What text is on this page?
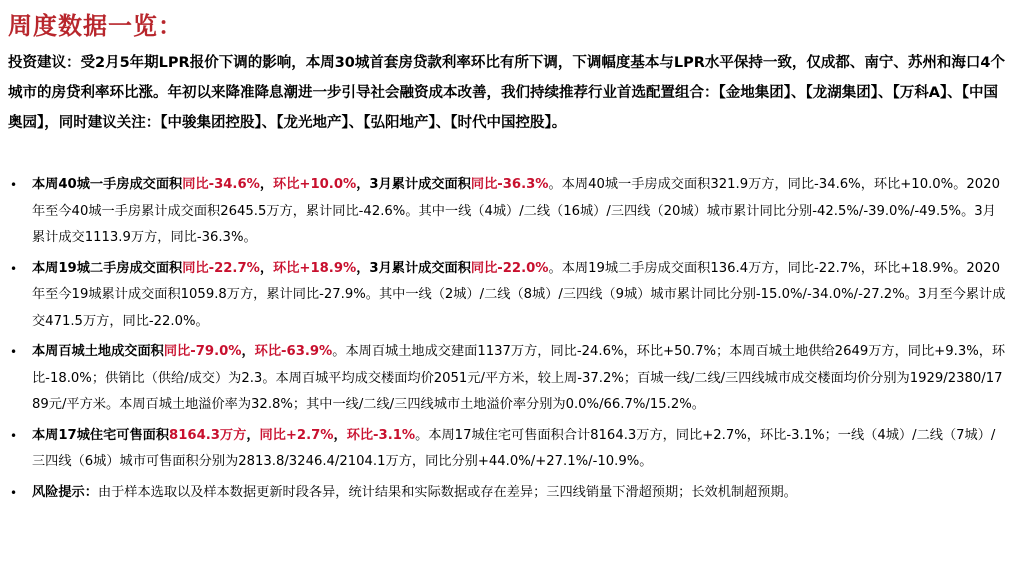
周度数据一览：
投资建议：受2月5年期LPR报价下调的影响，本周30城首套房贷款利率环比有所下调，下调幅度基本与LPR水平保持一致，仅成都、南宁、苏州和海口4个城市的房贷利率环比涨。年初以来降准降息潮进一步引导社会融资成本改善，我们持续推荐行业首选配置组合：【金地集团】、【龙湖集团】、【万科A】、【中国奥园】，同时建议关注：【中骏集团控股】、【龙光地产】、【弘阳地产】、【时代中国控股】。
• 本周40城一手房成交面积同比-34.6%，环比+10.0%，3月累计成交面积同比-36.3%。本周40城一手房成交面积321.9万方，同比-34.6%，环比+10.0%。2020年至今40城一手房累计成交面积2645.5万方，累计同比-42.6%。其中一线（4城）/二线（16城）/三四线（20城）城市累计同比分别-42.5%/-39.0%/-49.5%。3月累计成交1113.9万方，同比-36.3%。
• 本周19城二手房成交面积同比-22.7%，环比+18.9%，3月累计成交面积同比-22.0%。本周19城二手房成交面积136.4万方，同比-22.7%，环比+18.9%。2020年至今19城累计成交面积1059.8万方，累计同比-27.9%。其中一线（2城）/二线（8城）/三四线（9城）城市累计同比分别-15.0%/-34.0%/-27.2%。3月至今累计成交471.5万方，同比-22.0%。
• 本周百城土地成交面积同比-79.0%，环比-63.9%。本周百城土地成交建面1137万方，同比-24.6%，环比+50.7%；本周百城土地供给2649万方，同比+9.3%，环比-18.0%；供销比（供给/成交）为2.3。本周百城平均成交楼面均价2051元/平方米，较上周-37.2%；百城一线/二线/三四线城市成交楼面均价分别为1929/2380/1789元/平方米。本周百城土地溢价率为32.8%；其中一线/二线/三四线城市土地溢价率分别为0.0%/66.7%/15.2%。
• 本周17城住宅可售面积8164.3万方，同比+2.7%，环比-3.1%。本周17城住宅可售面积合计8164.3万方，同比+2.7%，环比-3.1%；一线（4城）/二线（7城）/三四线（6城）城市可售面积分别为2813.8/3246.4/2104.1万方，同比分别+44.0%/+27.1%/-10.9%。
• 风险提示：由于样本选取以及样本数据更新时段各异，统计结果和实际数据或存在差异；三四线销量下滑超预期；长效机制超预期。
